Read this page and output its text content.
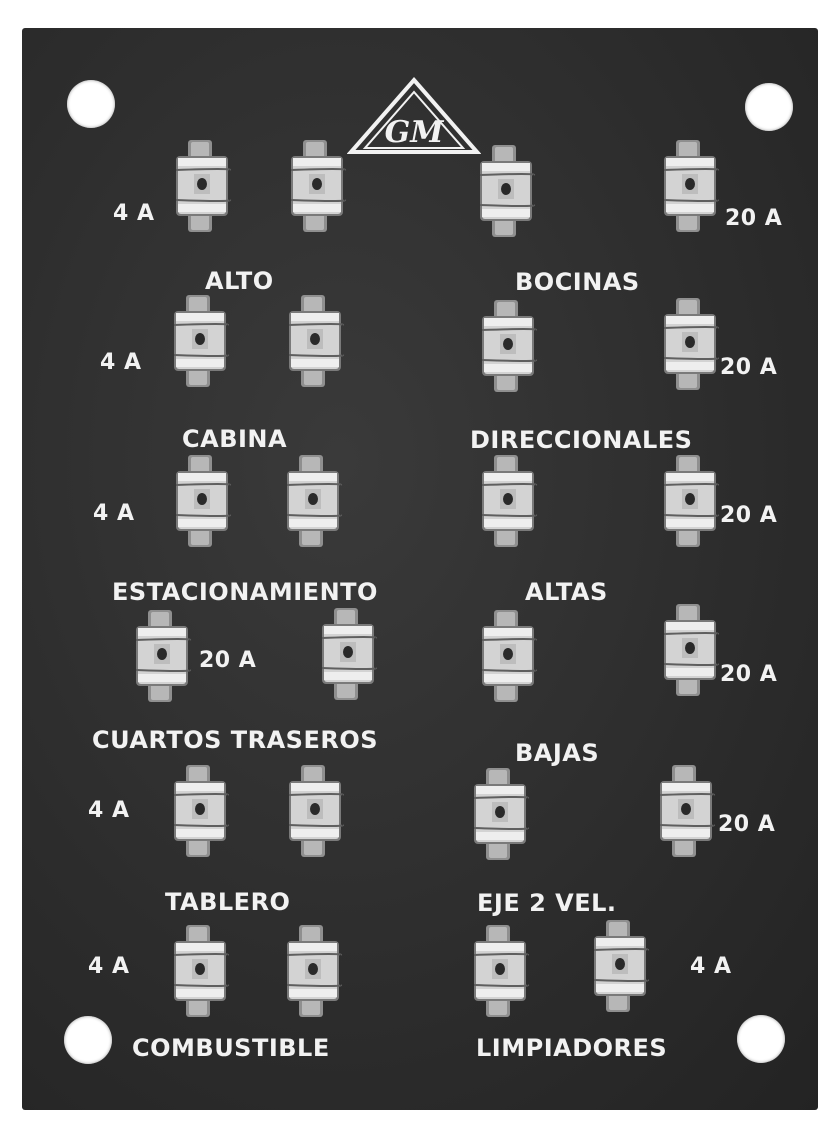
GM
ALTO	BOCINAS
CABINA	DIRECCIONALES
ESTACIONAMIENTO	ALTAS
CUARTOS TRASEROS	BAJAS
TABLERO	EJE 2 VEL.
COMBUSTIBLE	LIMPIADORES
4 A	20 A
4 A	20 A
4 A	20 A
20 A
20 A
4 A
20 A
4 A	4 A
